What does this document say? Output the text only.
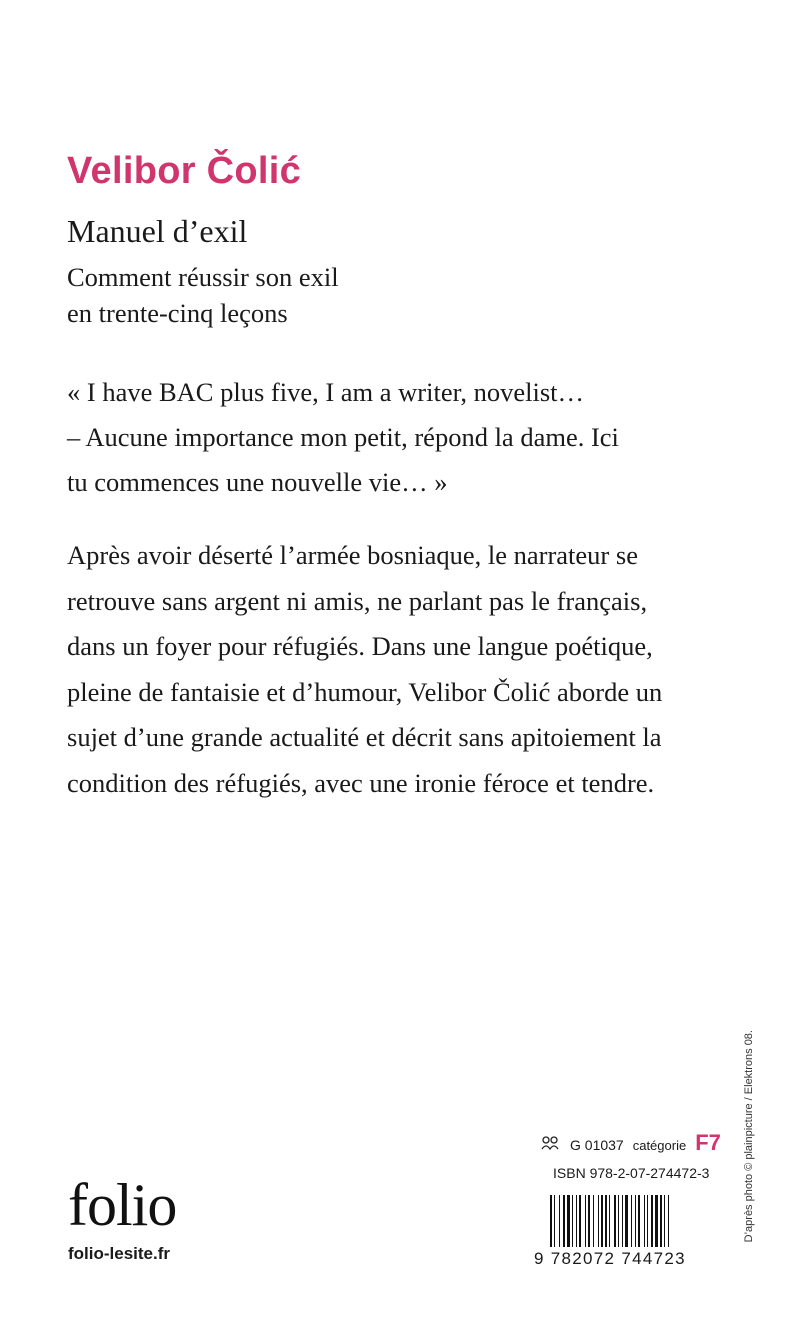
Velibor Čolić
Manuel d’exil
Comment réussir son exil
en trente-cinq leçons
« I have BAC plus five, I am a writer, novelist…
– Aucune importance mon petit, répond la dame. Ici
tu commences une nouvelle vie… »
Après avoir déserté l’armée bosniaque, le narrateur se
retrouve sans argent ni amis, ne parlant pas le français,
dans un foyer pour réfugiés. Dans une langue poétique,
pleine de fantaisie et d’humour, Velibor Čolić aborde un
sujet d’une grande actualité et décrit sans apitoiement la
condition des réfugiés, avec une ironie féroce et tendre.
G 01037 catégorie F7
ISBN 978-2-07-274472-3
9 782072 744723
folio
folio-lesite.fr
D’après photo © plainpicture / Elektrons 08.
